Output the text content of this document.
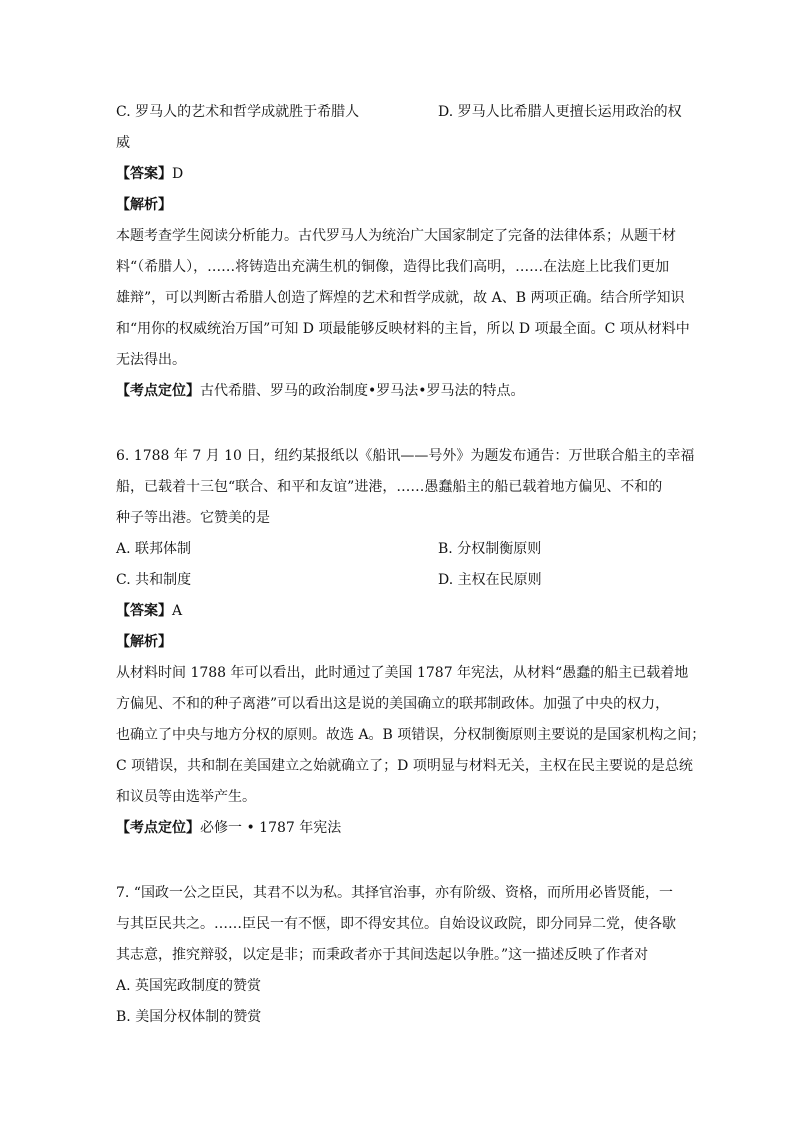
C. 罗马人的艺术和哲学成就胜于希腊人	D. 罗马人比希腊人更擅长运用政治的权
威
【答案】D
【解析】
本题考查学生阅读分析能力。古代罗马人为统治广大国家制定了完备的法律体系；从题干材
料“（希腊人），……将铸造出充满生机的铜像，造得比我们高明，……在法庭上比我们更加
雄辩”，可以判断古希腊人创造了辉煌的艺术和哲学成就，故 A、B 两项正确。结合所学知识
和“用你的权威统治万国”可知 D 项最能够反映材料的主旨，所以 D 项最全面。C 项从材料中
无法得出。
【考点定位】古代希腊、罗马的政治制度•罗马法•罗马法的特点。
6. 1788 年 7 月 10 日，纽约某报纸以《船讯——号外》为题发布通告：万世联合船主的幸福
船，已载着十三包“联合、和平和友谊”进港，……愚蠢船主的船已载着地方偏见、不和的
种子等出港。它赞美的是
A. 联邦体制	B. 分权制衡原则
C. 共和制度	D. 主权在民原则
【答案】A
【解析】
从材料时间 1788 年可以看出，此时通过了美国 1787 年宪法，从材料“愚蠢的船主已载着地
方偏见、不和的种子离港”可以看出这是说的美国确立的联邦制政体。加强了中央的权力，
也确立了中央与地方分权的原则。故选 A。B 项错误，分权制衡原则主要说的是国家机构之间；
C 项错误，共和制在美国建立之始就确立了；D 项明显与材料无关，主权在民主要说的是总统
和议员等由选举产生。
【考点定位】必修一 • 1787 年宪法
7. “国政一公之臣民，其君不以为私。其择官治事，亦有阶级、资格，而所用必皆贤能，一
与其臣民共之。……臣民一有不惬，即不得安其位。自始设议政院，即分同异二党，使各歇
其志意，推究辩驳，以定是非；而秉政者亦于其间迭起以争胜。”这一描述反映了作者对
A. 英国宪政制度的赞赏
B. 美国分权体制的赞赏
